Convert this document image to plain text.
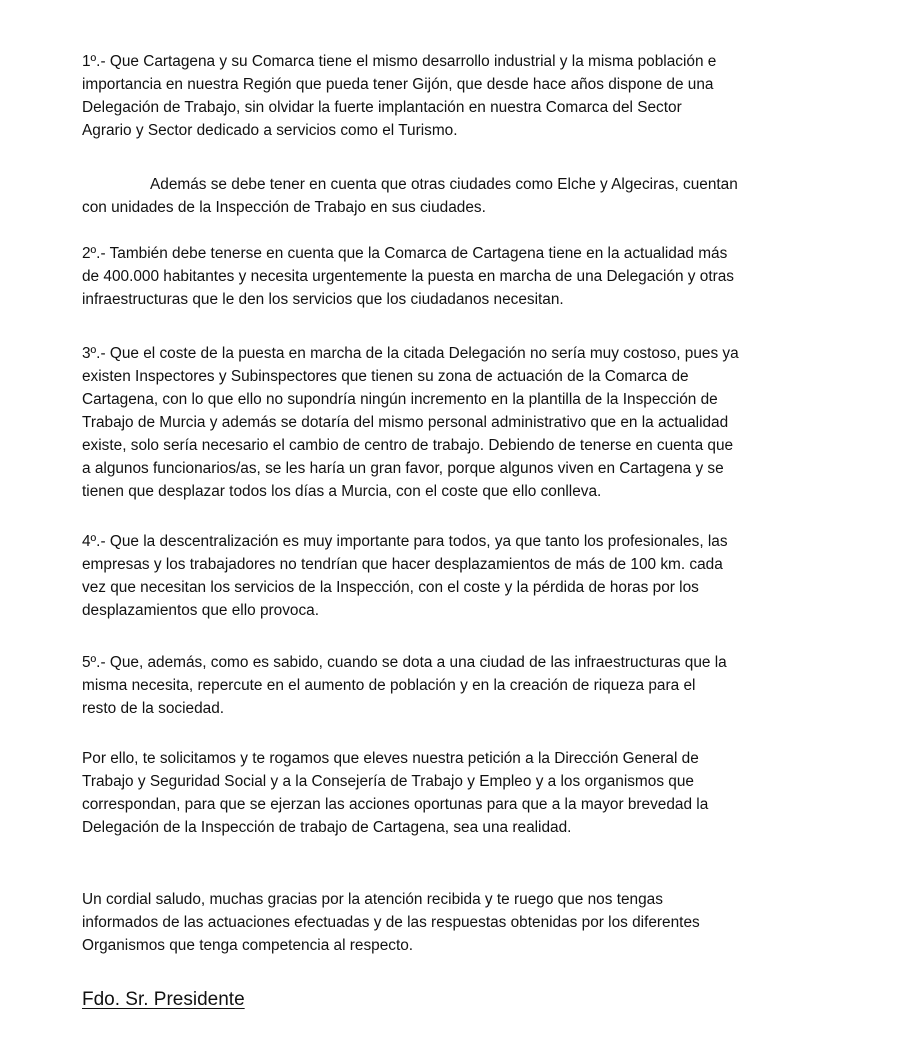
1º.- Que Cartagena y su Comarca tiene el mismo desarrollo industrial y la misma población e
importancia en nuestra Región que pueda tener Gijón, que desde hace años dispone de una
Delegación de Trabajo, sin olvidar la fuerte implantación en nuestra Comarca del Sector
Agrario y Sector dedicado a servicios como el Turismo.

Además se debe tener en cuenta que otras ciudades como Elche y Algeciras, cuentan
con unidades de la Inspección de Trabajo en sus ciudades.

2º.- También debe tenerse en cuenta que la Comarca de Cartagena tiene en la actualidad más
de 400.000 habitantes y necesita urgentemente la puesta en marcha de una Delegación y otras
infraestructuras que le den los servicios que los ciudadanos necesitan.

3º.- Que el coste de la puesta en marcha de la citada Delegación no sería muy costoso, pues ya
existen Inspectores y Subinspectores que tienen su zona de actuación de la Comarca de
Cartagena, con lo que ello no supondría ningún incremento en la plantilla de la Inspección de
Trabajo de Murcia y además se dotaría del mismo personal administrativo que en la actualidad
existe, solo sería necesario el cambio de centro de trabajo. Debiendo de tenerse en cuenta que
a algunos funcionarios/as, se les haría un gran favor, porque algunos viven en Cartagena y se
tienen que desplazar todos los días a Murcia, con el coste que ello conlleva.

4º.- Que la descentralización es muy importante para todos, ya que tanto los profesionales, las
empresas y los trabajadores no tendrían que hacer desplazamientos de más de 100 km. cada
vez que necesitan los servicios de la Inspección, con el coste y la pérdida de horas por los
desplazamientos que ello provoca.

5º.- Que, además, como es sabido, cuando se dota a una ciudad de las infraestructuras que la
misma necesita, repercute en el aumento de población y en la creación de riqueza para el
resto de la sociedad.

Por ello, te solicitamos y te rogamos que eleves nuestra petición a la Dirección General de
Trabajo y Seguridad Social y a la Consejería de Trabajo y Empleo y a los organismos que
correspondan, para que se ejerzan las acciones oportunas para que a la mayor brevedad la
Delegación de la Inspección de trabajo de Cartagena, sea una realidad.

Un cordial saludo, muchas gracias por la atención recibida y te ruego que nos tengas
informados de las actuaciones efectuadas y de las respuestas obtenidas por los diferentes
Organismos que tenga competencia al respecto.

Fdo. Sr. Presidente
